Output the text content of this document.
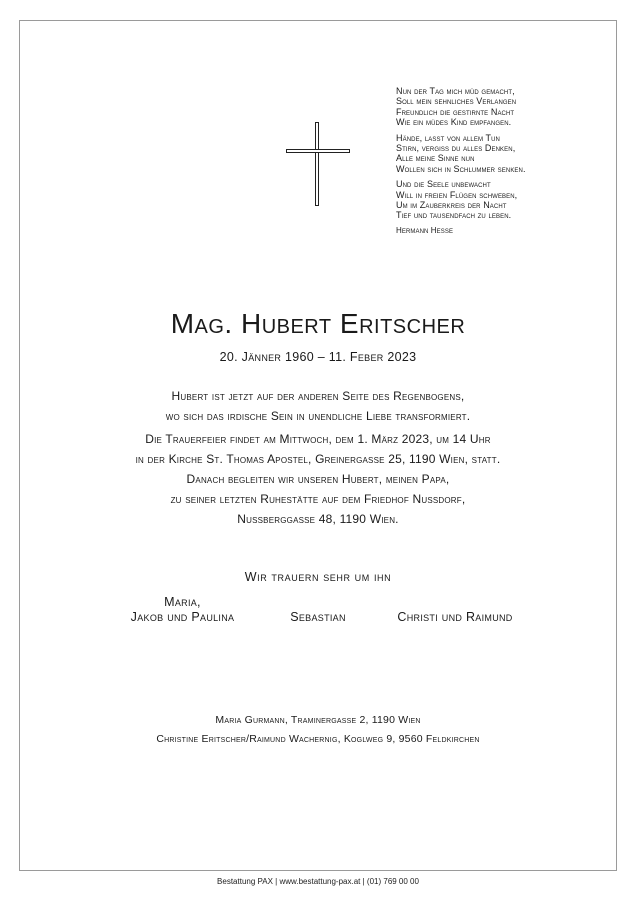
Nun der Tag mich müd gemacht,
Soll mein sehnliches Verlangen
Freundlich die gestirnte Nacht
Wie ein müdes Kind empfangen.
Hände, lasst von allem Tun
Stirn, vergiss du alles Denken,
Alle meine Sinne nun
Wollen sich in Schlummer senken.
Und die Seele unbewacht
Will in freien Flügen schweben,
Um im Zauberkreis der Nacht
Tief und tausendfach zu leben.
Hermann Hesse
Mag. Hubert Eritscher
20. Jänner 1960 – 11. Feber 2023
Hubert ist jetzt auf der anderen Seite des Regenbogens,
wo sich das irdische Sein in unendliche Liebe transformiert.
Die Trauerfeier findet am Mittwoch, dem 1. März 2023, um 14 Uhr
in der Kirche St. Thomas Apostel, Greinergasse 25, 1190 Wien, statt.
Danach begleiten wir unseren Hubert, meinen Papa,
zu seiner letzten Ruhestätte auf dem Friedhof Nussdorf,
Nussberggasse 48, 1190 Wien.
Wir trauern sehr um ihn
Maria,
Jakob und Paulina	Sebastian	Christi und Raimund
Maria Gurmann, Traminergasse 2, 1190 Wien
Christine Eritscher/Raimund Wachernig, Koglweg 9, 9560 Feldkirchen
Bestattung PAX | www.bestattung-pax.at | (01) 769 00 00
